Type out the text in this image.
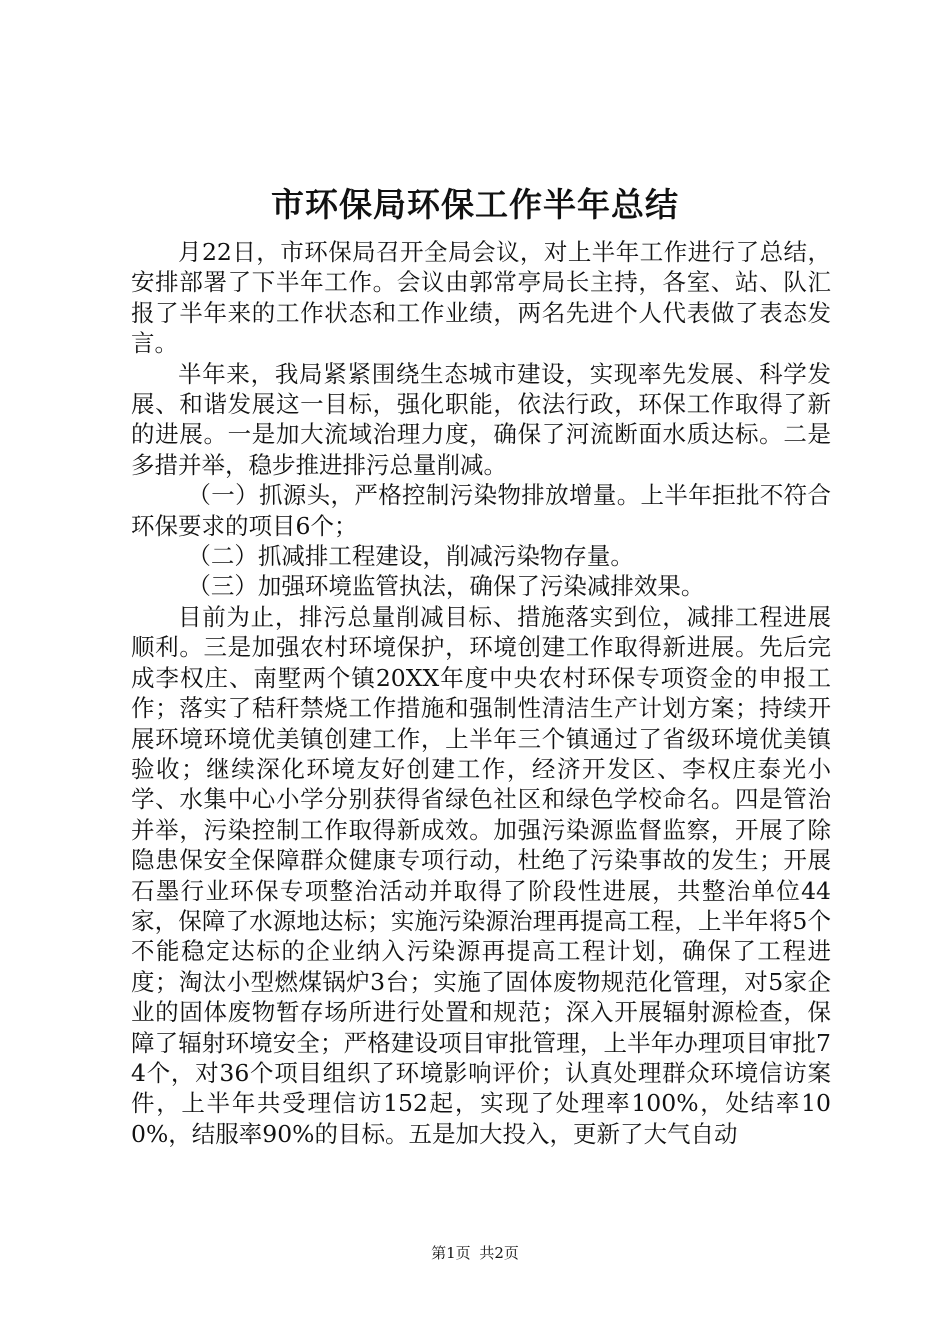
市环保局环保工作半年总结

月22日，市环保局召开全局会议，对上半年工作进行了总结，安排部署了下半年工作。会议由郭常亭局长主持，各室、站、队汇报了半年来的工作状态和工作业绩，两名先进个人代表做了表态发言。

半年来，我局紧紧围绕生态城市建设，实现率先发展、科学发展、和谐发展这一目标，强化职能，依法行政，环保工作取得了新的进展。一是加大流域治理力度，确保了河流断面水质达标。二是多措并举，稳步推进排污总量削减。

（一）抓源头，严格控制污染物排放增量。上半年拒批不符合环保要求的项目6个；

（二）抓减排工程建设，削减污染物存量。

（三）加强环境监管执法，确保了污染减排效果。

目前为止，排污总量削减目标、措施落实到位，减排工程进展顺利。三是加强农村环境保护，环境创建工作取得新进展。先后完成李权庄、南墅两个镇20XX年度中央农村环保专项资金的申报工作；落实了秸秆禁烧工作措施和强制性清洁生产计划方案；持续开展环境环境优美镇创建工作，上半年三个镇通过了省级环境优美镇验收；继续深化环境友好创建工作，经济开发区、李权庄泰光小学、水集中心小学分别获得省绿色社区和绿色学校命名。四是管治并举，污染控制工作取得新成效。加强污染源监督监察，开展了除隐患保安全保障群众健康专项行动，杜绝了污染事故的发生；开展石墨行业环保专项整治活动并取得了阶段性进展，共整治单位44家，保障了水源地达标；实施污染源治理再提高工程，上半年将5个不能稳定达标的企业纳入污染源再提高工程计划，确保了工程进度；淘汰小型燃煤锅炉3台；实施了固体废物规范化管理，对5家企业的固体废物暂存场所进行处置和规范；深入开展辐射源检查，保障了辐射环境安全；严格建设项目审批管理，上半年办理项目审批74个，对36个项目组织了环境影响评价；认真处理群众环境信访案件，上半年共受理信访152起，实现了处理率100%，处结率100%，结服率90%的目标。五是加大投入，更新了大气自动

第1页 共2页
